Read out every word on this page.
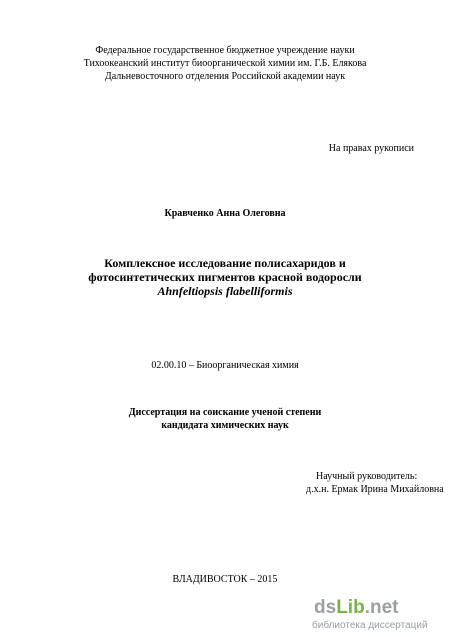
Федеральное государственное бюджетное учреждение науки
Тихоокеанский институт биоорганической химии им. Г.Б. Елякова
Дальневосточного отделения Российской академии наук
На правах рукописи
Кравченко Анна Олеговна
Комплексное исследование полисахаридов и
фотосинтетических пигментов красной водоросли
Ahnfeltiopsis flabelliformis
02.00.10 – Биоорганическая химия
Диссертация на соискание ученой степени
кандидата химических наук
Научный руководитель:
д.х.н. Ермак Ирина Михайловна
ВЛАДИВОСТОК – 2015
dsLib.net
библиотека диссертаций
